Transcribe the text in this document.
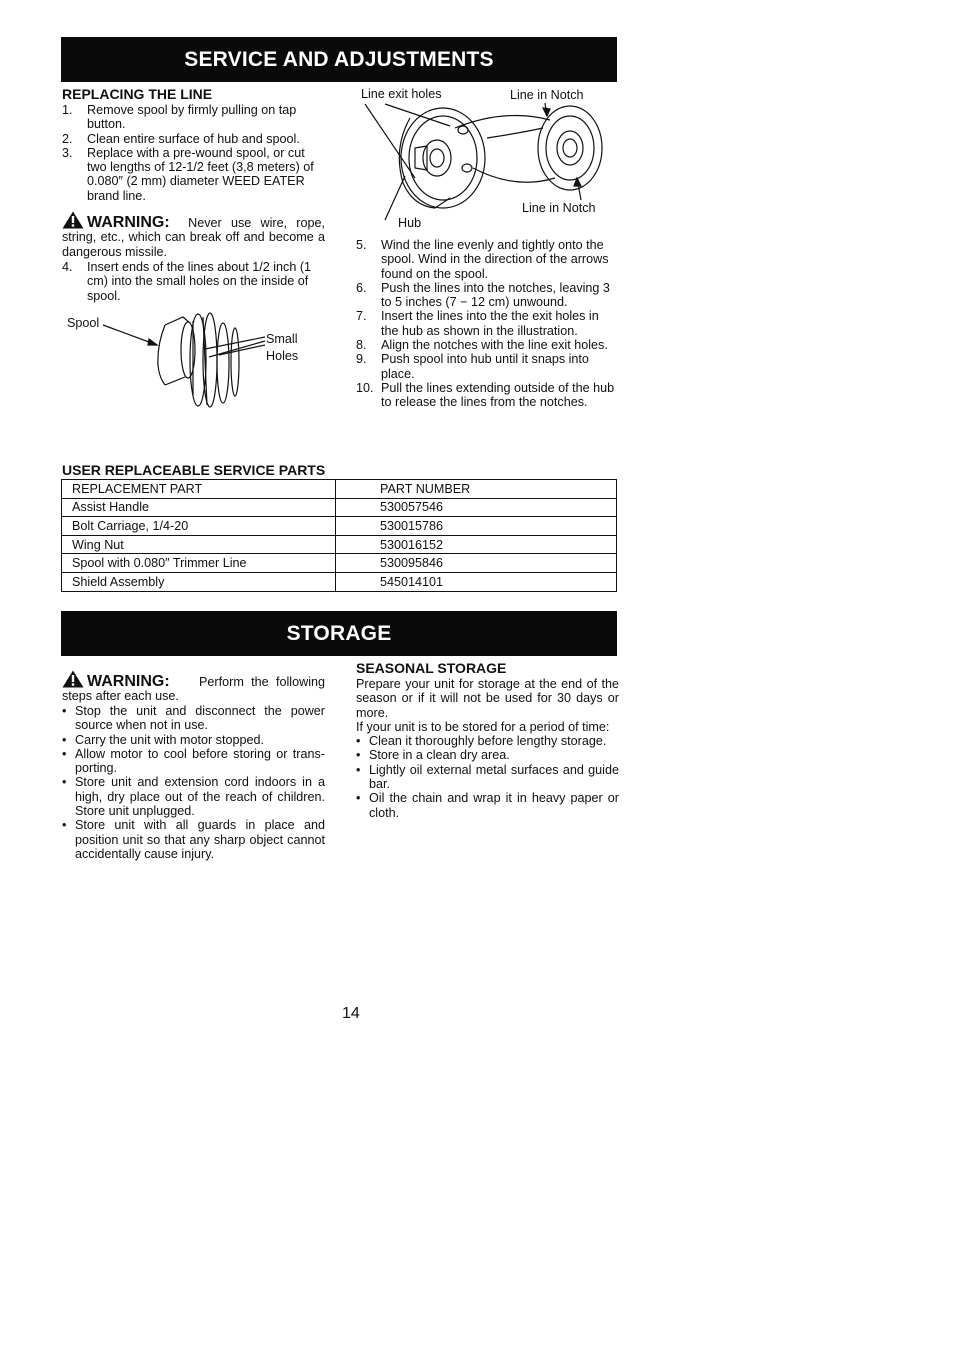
SERVICE AND ADJUSTMENTS
REPLACING THE LINE
1. Remove spool by firmly pulling on tap button.
2. Clean entire surface of hub and spool.
3. Replace with a pre-wound spool, or cut two lengths of 12-1/2 feet (3,8 meters) of 0.080″ (2 mm) diameter WEED EATER brand line.
WARNING: Never use wire, rope, string, etc., which can break off and become a dangerous missile.
4. Insert ends of the lines about 1/2 inch (1 cm) into the small holes on the inside of spool.
Spool
Small
Holes
Line exit holes	Line in Notch
Line in Notch
Hub
5. Wind the line evenly and tightly onto the spool. Wind in the direction of the arrows found on the spool.
6. Push the lines into the notches, leaving 3 to 5 inches (7 − 12 cm) unwound.
7. Insert the lines into the the exit holes in the hub as shown in the illustration.
8. Align the notches with the line exit holes.
9. Push spool into hub until it snaps into place.
10. Pull the lines extending outside of the hub to release the lines from the notches.
USER REPLACEABLE SERVICE PARTS
REPLACEMENT PART	PART NUMBER
Assist Handle	530057546
Bolt Carriage, 1/4-20	530015786
Wing Nut	530016152
Spool with 0.080″ Trimmer Line	530095846
Shield Assembly	545014101
STORAGE
WARNING: Perform the following steps after each use.
• Stop the unit and disconnect the power source when not in use.
• Carry the unit with motor stopped.
• Allow motor to cool before storing or transporting.
• Store unit and extension cord indoors in a high, dry place out of the reach of children. Store unit unplugged.
• Store unit with all guards in place and position unit so that any sharp object cannot accidentally cause injury.
SEASONAL STORAGE

Prepare your unit for storage at the end of the season or if it will not be used for 30 days or more.

If your unit is to be stored for a period of time:

• Clean it thoroughly before lengthy storage.
• Store in a clean dry area.
• Lightly oil external metal surfaces and guide bar.
• Oil the chain and wrap it in heavy paper or cloth.
14
